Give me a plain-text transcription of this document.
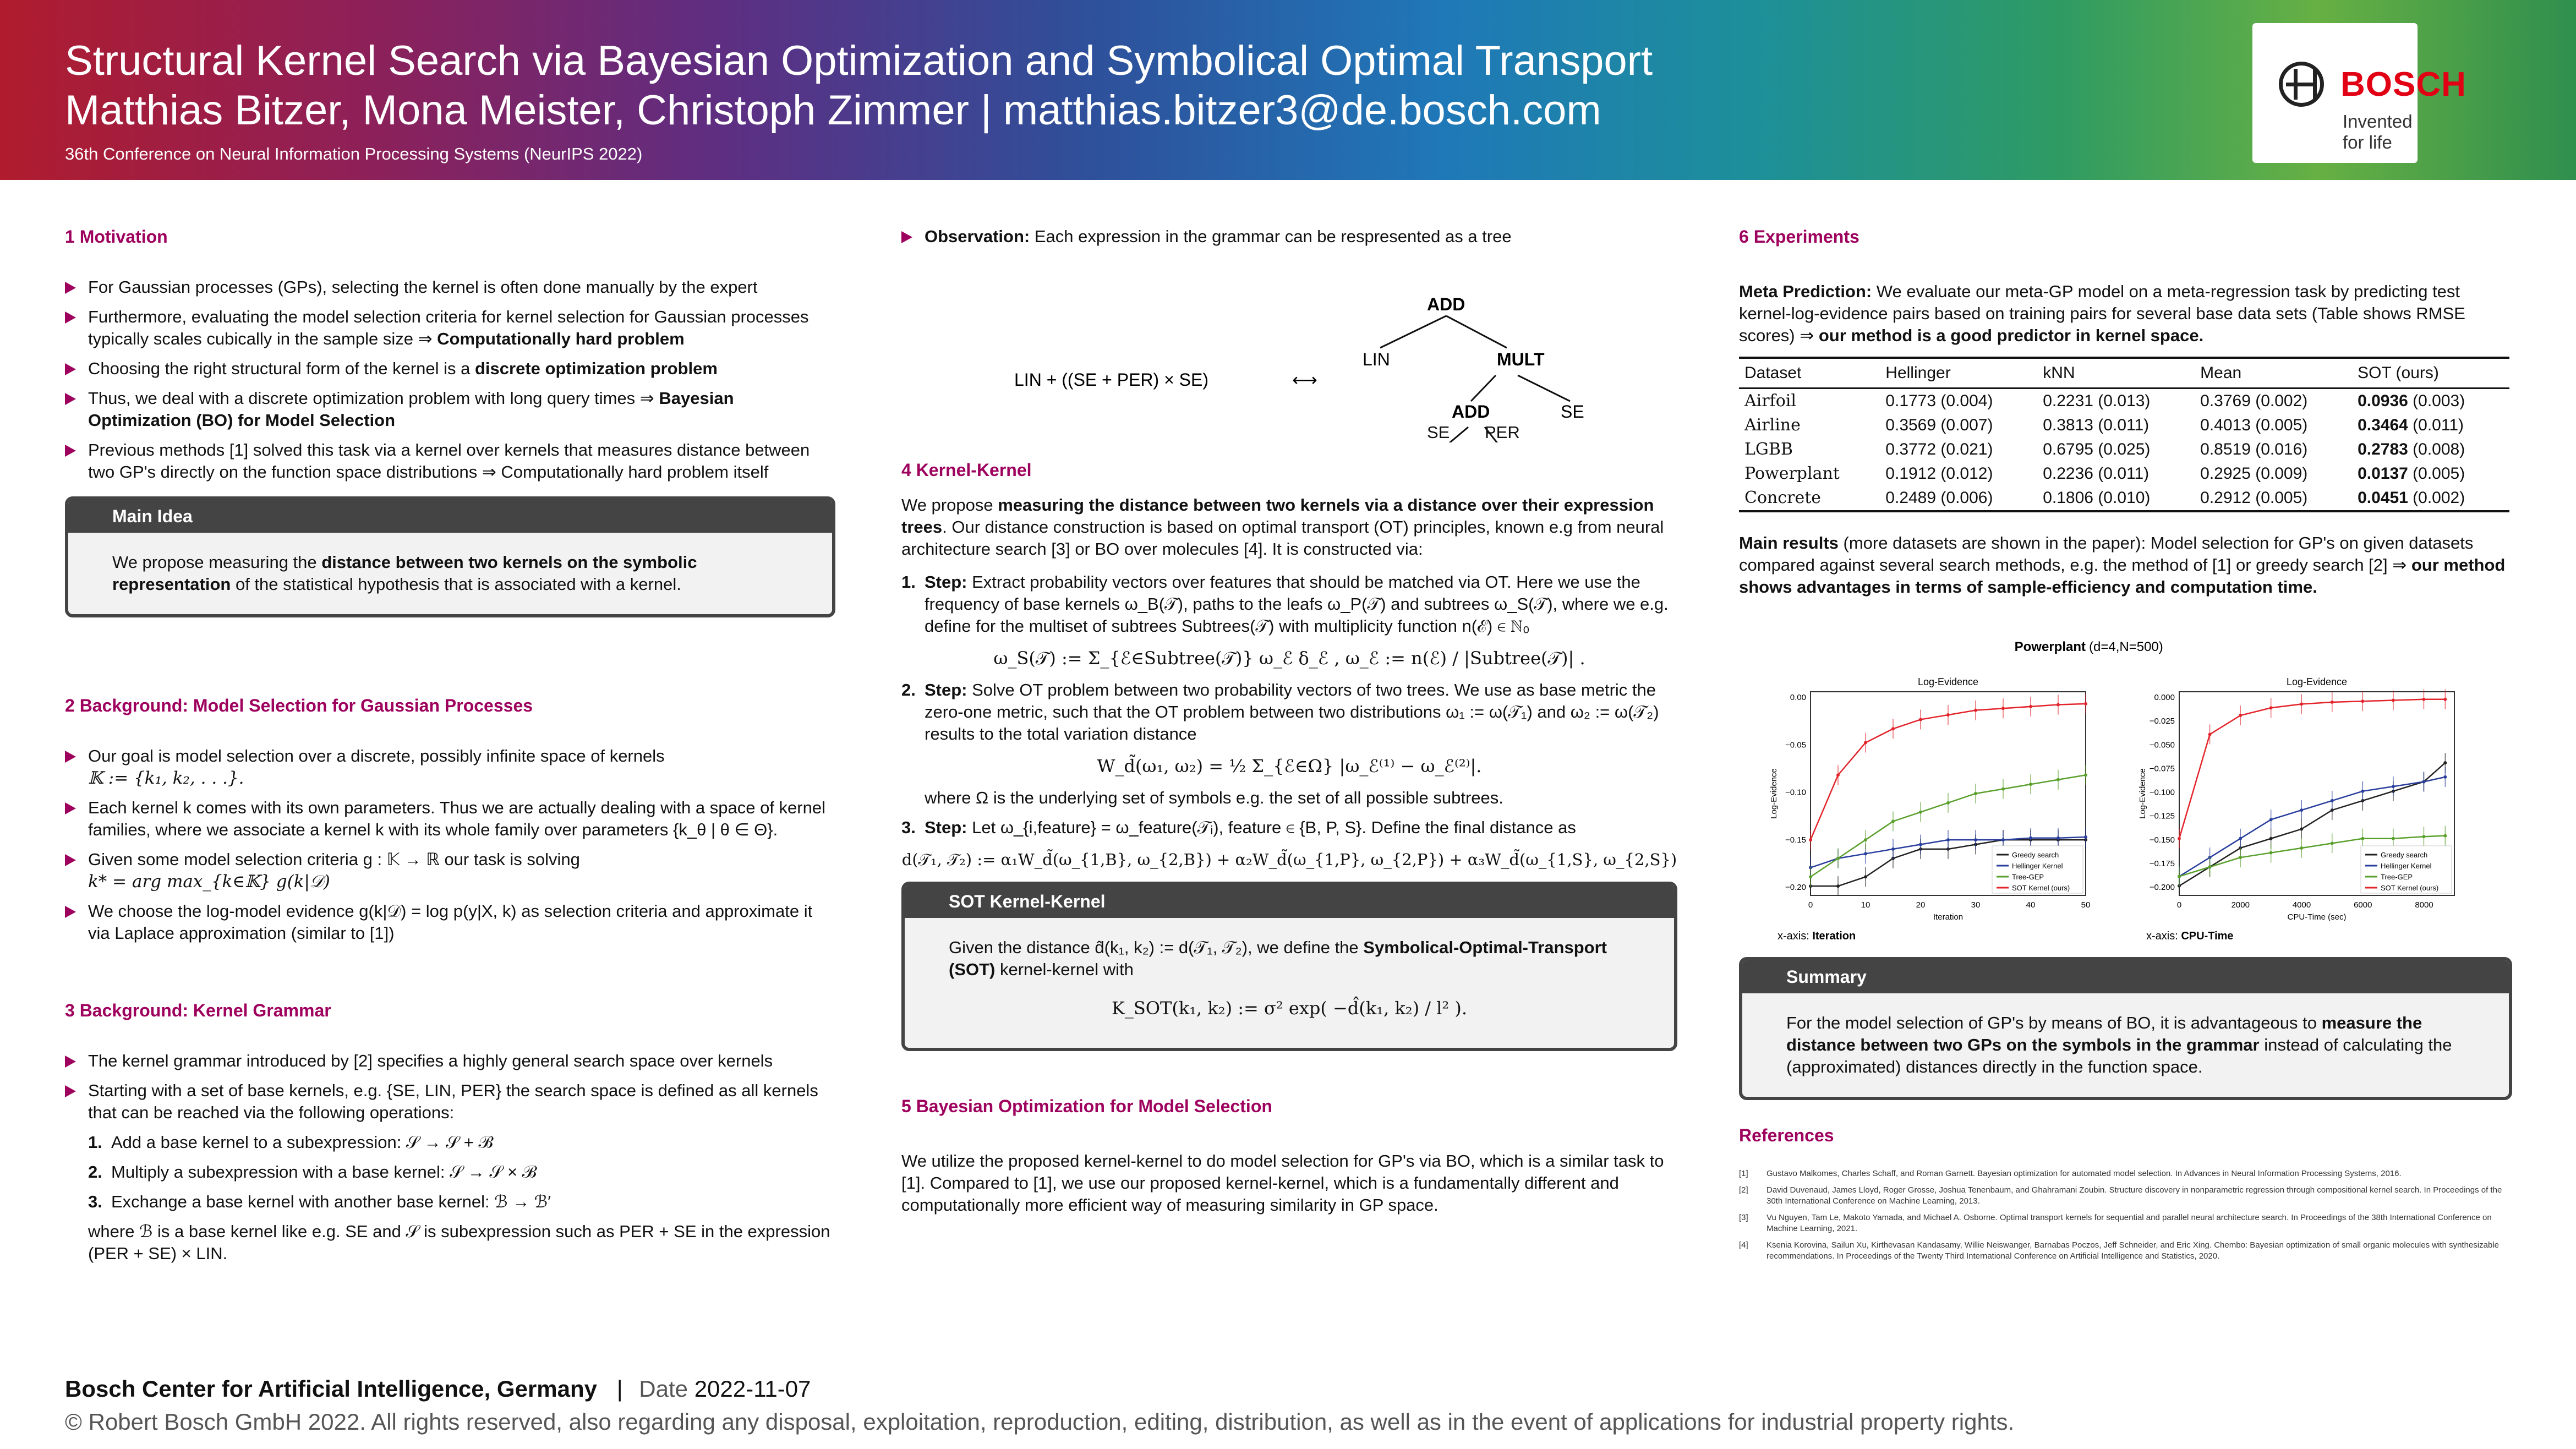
Structural Kernel Search via Bayesian Optimization and Symbolical Optimal Transport
Matthias Bitzer, Mona Meister, Christoph Zimmer | matthias.bitzer3@de.bosch.com
36th Conference on Neural Information Processing Systems (NeurIPS 2022)
BOSCH
Invented for life
1 Motivation
For Gaussian processes (GPs), selecting the kernel is often done manually by the expert
Furthermore, evaluating the model selection criteria for kernel selection for Gaussian processes typically scales cubically in the sample size ⇒ Computationally hard problem
Choosing the right structural form of the kernel is a discrete optimization problem
Thus, we deal with a discrete optimization problem with long query times ⇒ Bayesian Optimization (BO) for Model Selection
Previous methods [1] solved this task via a kernel over kernels that measures distance between two GP's directly on the function space distributions ⇒ Computationally hard problem itself
Main Idea
We propose measuring the distance between two kernels on the symbolic representation of the statistical hypothesis that is associated with a kernel.
2 Background: Model Selection for Gaussian Processes
Our goal is model selection over a discrete, possibly infinite space of kernels
𝕂 := {k₁, k₂, . . .}.
Each kernel k comes with its own parameters. Thus we are actually dealing with a space of kernel families, where we associate a kernel k with its whole family over parameters {k_θ | θ ∈ Θ}.
Given some model selection criteria g : 𝕂 → ℝ our task is solving
k* = arg max_{k∈𝕂} g(k|𝒟)
We choose the log-model evidence g(k|𝒟) = log p(y|X, k) as selection criteria and approximate it via Laplace approximation (similar to [1])
3 Background: Kernel Grammar
The kernel grammar introduced by [2] specifies a highly general search space over kernels
Starting with a set of base kernels, e.g. {SE, LIN, PER} the search space is defined as all kernels that can be reached via the following operations:
1. Add a base kernel to a subexpression: 𝒮 → 𝒮 + ℬ
2. Multiply a subexpression with a base kernel: 𝒮 → 𝒮 × ℬ
3. Exchange a base kernel with another base kernel: ℬ → ℬ′
where ℬ is a base kernel like e.g. SE and 𝒮 is subexpression such as PER + SE in the expression (PER + SE) × LIN.
Observation: Each expression in the grammar can be respresented as a tree
LIN + ((SE + PER) × SE)	⟷
ADD
LIN	MULT
ADD	SE
SE PER
4 Kernel-Kernel
We propose measuring the distance between two kernels via a distance over their expression trees. Our distance construction is based on optimal transport (OT) principles, known e.g from neural architecture search [3] or BO over molecules [4]. It is constructed via:
1. Step: Extract probability vectors over features that should be matched via OT. Here we use the frequency of base kernels ω_B(𝒯), paths to the leafs ω_P(𝒯) and subtrees ω_S(𝒯), where we e.g. define for the multiset of subtrees Subtrees(𝒯) with multiplicity function n(ℰ) ∈ ℕ₀
ω_S(𝒯) := Σ_{ℰ∈Subtree(𝒯)} ω_ℰ δ_ℰ , ω_ℰ := n(ℰ) / |Subtree(𝒯)| .
2. Step: Solve OT problem between two probability vectors of two trees. We use as base metric the zero-one metric, such that the OT problem between two distributions ω₁ := ω(𝒯₁) and ω₂ := ω(𝒯₂) results to the total variation distance
W_d̃(ω₁, ω₂) = ½ Σ_{ℰ∈Ω} |ω_ℰ⁽¹⁾ − ω_ℰ⁽²⁾|.
where Ω is the underlying set of symbols e.g. the set of all possible subtrees.
3. Step: Let ω_{i,feature} = ω_feature(𝒯ᵢ), feature ∈ {B, P, S}. Define the final distance as
d(𝒯₁, 𝒯₂) := α₁W_d̃(ω_{1,B}, ω_{2,B}) + α₂W_d̃(ω_{1,P}, ω_{2,P}) + α₃W_d̃(ω_{1,S}, ω_{2,S})
SOT Kernel-Kernel
Given the distance d̂(k₁, k₂) := d(𝒯₁, 𝒯₂), we define the Symbolical-Optimal-Transport (SOT) kernel-kernel with
K_SOT(k₁, k₂) := σ² exp( −d̂(k₁, k₂) / l² ).
5 Bayesian Optimization for Model Selection
We utilize the proposed kernel-kernel to do model selection for GP's via BO, which is a similar task to [1]. Compared to [1], we use our proposed kernel-kernel, which is a fundamentally different and computationally more efficient way of measuring similarity in GP space.
6 Experiments
Meta Prediction: We evaluate our meta-GP model on a meta-regression task by predicting test kernel-log-evidence pairs based on training pairs for several base data sets (Table shows RMSE scores) ⇒ our method is a good predictor in kernel space.
Dataset	Hellinger	kNN	Mean	SOT (ours)
Airfoil	0.1773 (0.004)	0.2231 (0.013)	0.3769 (0.002)	0.0936 (0.003)
Airline	0.3569 (0.007)	0.3813 (0.011)	0.4013 (0.005)	0.3464 (0.011)
LGBB	0.3772 (0.021)	0.6795 (0.025)	0.8519 (0.016)	0.2783 (0.008)
Powerplant	0.1912 (0.012)	0.2236 (0.011)	0.2925 (0.009)	0.0137 (0.005)
Concrete	0.2489 (0.006)	0.1806 (0.010)	0.2912 (0.005)	0.0451 (0.002)
Main results (more datasets are shown in the paper): Model selection for GP's on given datasets compared against several search methods, e.g. the method of [1] or greedy search [2] ⇒ our method shows advantages in terms of sample-efficiency and computation time.
Powerplant (d=4,N=500)
Log-Evidence
0	10	20	30	40	50
0.00
−0.05
−0.10
−0.15
−0.20
Iteration
Log-Evidence
Greedy search
Hellinger Kernel
Tree-GEP
SOT Kernel (ours)
x-axis: Iteration
Log-Evidence
0	2000	4000	6000	8000
0.000
−0.025
−0.050
−0.075
−0.100
−0.125
−0.150
−0.175
−0.200
CPU-Time (sec)
Log-Evidence
Greedy search
Hellinger Kernel
Tree-GEP
SOT Kernel (ours)
x-axis: CPU-Time
Summary
For the model selection of GP's by means of BO, it is advantageous to measure the distance between two GPs on the symbols in the grammar instead of calculating the (approximated) distances directly in the function space.
References
[1] Gustavo Malkomes, Charles Schaff, and Roman Garnett. Bayesian optimization for automated model selection. In Advances in Neural Information Processing Systems, 2016.
[2] David Duvenaud, James Lloyd, Roger Grosse, Joshua Tenenbaum, and Ghahramani Zoubin. Structure discovery in nonparametric regression through compositional kernel search. In Proceedings of the 30th International Conference on Machine Learning, 2013.
[3] Vu Nguyen, Tam Le, Makoto Yamada, and Michael A. Osborne. Optimal transport kernels for sequential and parallel neural architecture search. In Proceedings of the 38th International Conference on Machine Learning, 2021.
[4] Ksenia Korovina, Sailun Xu, Kirthevasan Kandasamy, Willie Neiswanger, Barnabas Poczos, Jeff Schneider, and Eric Xing. Chembo: Bayesian optimization of small organic molecules with synthesizable recommendations. In Proceedings of the Twenty Third International Conference on Artificial Intelligence and Statistics, 2020.
Bosch Center for Artificial Intelligence, Germany | Date 2022-11-07
© Robert Bosch GmbH 2022. All rights reserved, also regarding any disposal, exploitation, reproduction, editing, distribution, as well as in the event of applications for industrial property rights.
